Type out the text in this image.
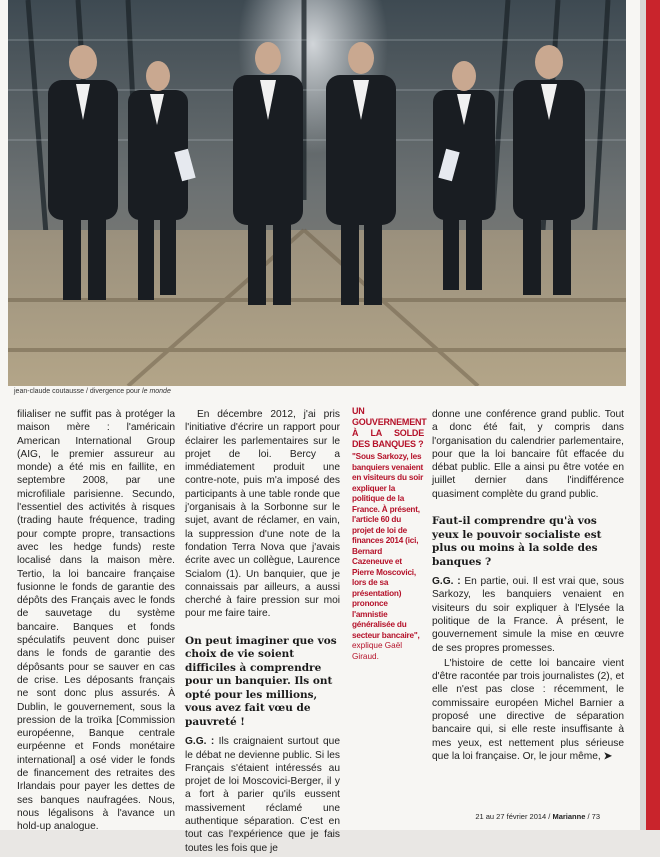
jean-claude coutausse / divergence pour le monde

filialiser ne suffit pas à protéger la maison mère : l'américain American International Group (AIG, le premier assureur au monde) a été mis en faillite, en septembre 2008, par une microfiliale parisienne. Secundo, l'essentiel des activités à risques (trading haute fréquence, trading pour compte propre, transactions avec les hedge funds) reste localisé dans la maison mère. Tertio, la loi bancaire française fusionne le fonds de garantie des dépôts des Français avec le fonds de sauvetage du système bancaire. Banques et fonds spéculatifs peuvent donc puiser dans le fonds de garantie des dépôsants pour se sauver en cas de crise. Les déposants français ne sont donc plus assurés. À Dublin, le gouvernement, sous la pression de la troïka [Commission européenne, Banque centrale eurpéenne et Fonds monétaire international] a osé vider le fonds de financement des retraites des Irlandais pour payer les dettes de ses banques naufragées. Nous, nous légalisons à l'avance un hold-up analogue.

En décembre 2012, j'ai pris l'initiative d'écrire un rapport pour éclairer les parlementaires sur le projet de loi. Bercy a immédiatement produit une contre-note, puis m'a imposé des participants à une table ronde que j'organisais à la Sorbonne sur le sujet, avant de réclamer, en vain, la suppression d'une note de la fondation Terra Nova que j'avais écrite avec un collègue, Laurence Scialom (1). Un banquier, que je connaissais par ailleurs, a aussi cherché à faire pression sur moi pour me faire taire.

On peut imaginer que vos choix de vie soient difficiles à comprendre pour un banquier. Ils ont opté pour les millions, vous avez fait vœu de pauvreté !

G.G. : Ils craignaient surtout que le débat ne devienne public. Si les Français s'étaient intéressés au projet de loi Moscovici-Berger, il y a fort à parier qu'ils eussent massivement réclamé une authentique séparation. C'est en tout cas l'expérience que je fais toutes les fois que je

UN GOUVERNEMENT À LA SOLDE DES BANQUES ?
"Sous Sarkozy, les banquiers venaient en visiteurs du soir expliquer la politique de la France. À présent, l'article 60 du projet de loi de finances 2014 (ici, Bernard Cazeneuve et Pierre Moscovici, lors de sa présentation) prononce l'amnistie généralisée du secteur bancaire",
explique Gaël Giraud.

donne une conférence grand public. Tout a donc été fait, y compris dans l'organisation du calendrier parlementaire, pour que la loi bancaire fût effacée du débat public. Elle a ainsi pu être votée en juillet dernier dans l'indifférence quasiment complète du grand public.

Faut-il comprendre qu'à vos yeux le pouvoir socialiste est plus ou moins à la solde des banques ?

G.G. : En partie, oui. Il est vrai que, sous Sarkozy, les banquiers venaient en visiteurs du soir expliquer à l'Elysée la politique de la France. À présent, le gouvernement simule la mise en œuvre de ses propres promesses.

L'histoire de cette loi bancaire vient d'être racontée par trois journalistes (2), et elle n'est pas close : récemment, le commissaire européen Michel Barnier a proposé une directive de séparation bancaire qui, si elle reste insuffisante à mes yeux, est nettement plus sérieuse que la loi française. Or, le jour même, ➤

21 au 27 février 2014 / Marianne / 73
